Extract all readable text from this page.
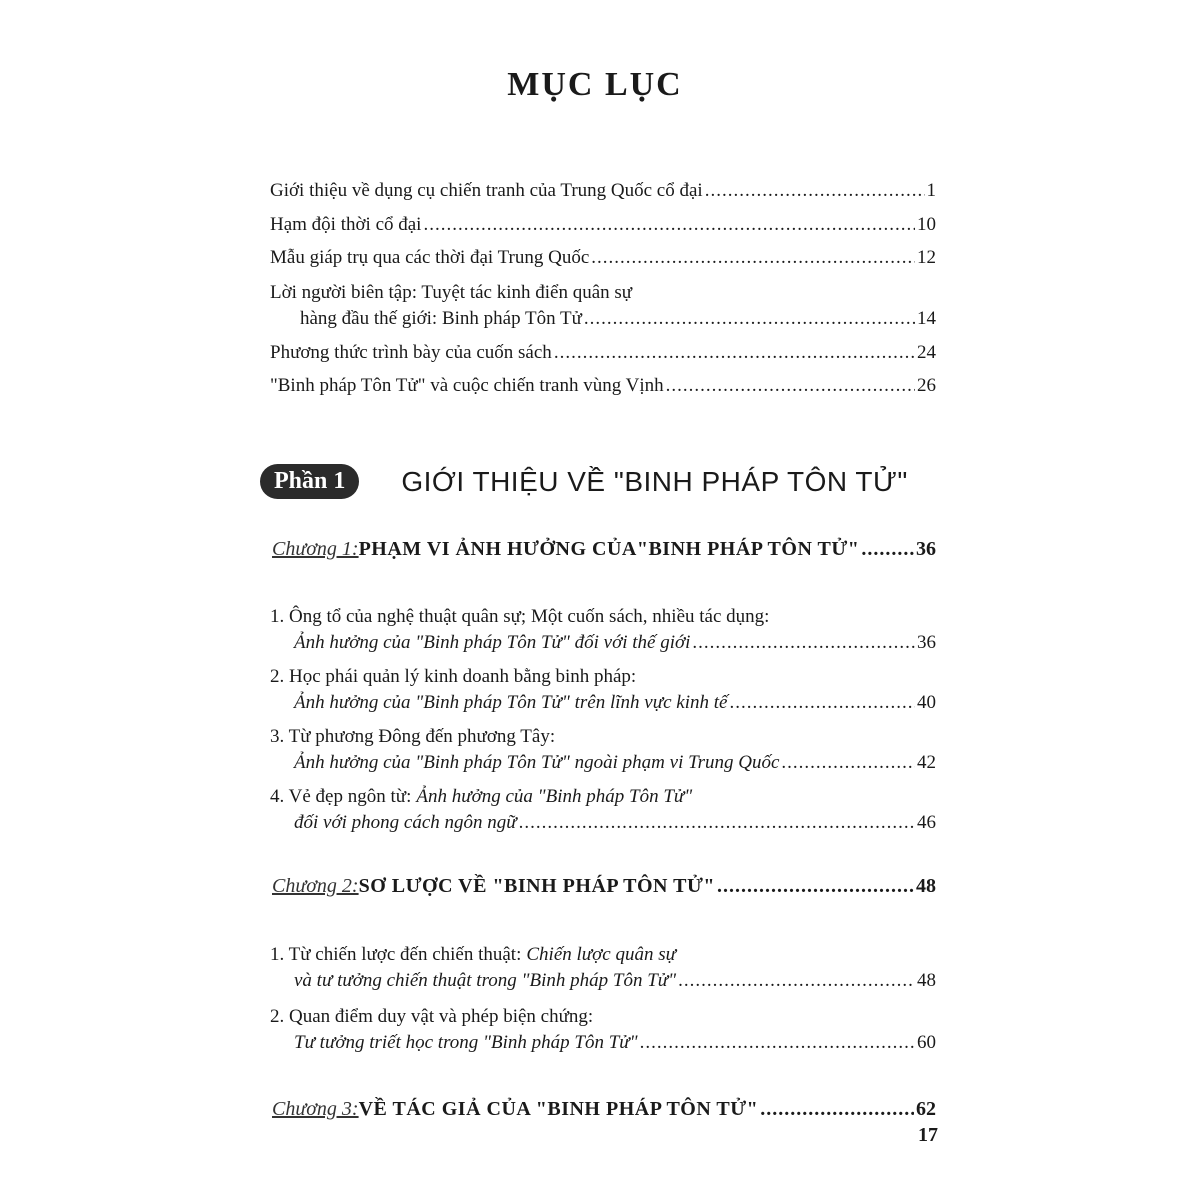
MỤC LỤC
Giới thiệu về dụng cụ chiến tranh của Trung Quốc cổ đại .....	1
Hạm đội thời cổ đại .....	10
Mẫu giáp trụ qua các thời đại Trung Quốc .....	12
Lời người biên tập: Tuyệt tác kinh điển quân sự
hàng đầu thế giới: Binh pháp Tôn Tử .....	14
Phương thức trình bày của cuốn sách .....	24
"Binh pháp Tôn Tử" và cuộc chiến tranh vùng Vịnh .....	26
Phần 1	GIỚI THIỆU VỀ "BINH PHÁP TÔN TỬ"
Chương 1: PHẠM VI ẢNH HƯỞNG CỦA"BINH PHÁP TÔN TỬ" .....	36
1. Ông tổ của nghệ thuật quân sự; Một cuốn sách, nhiều tác dụng:
Ảnh hưởng của "Binh pháp Tôn Tử" đối với thế giới .....	36
2. Học phái quản lý kinh doanh bằng binh pháp:
Ảnh hưởng của "Binh pháp Tôn Tử" trên lĩnh vực kinh tế .....	40
3. Từ phương Đông đến phương Tây:
Ảnh hưởng của "Binh pháp Tôn Tử" ngoài phạm vi Trung Quốc .....	42
4. Vẻ đẹp ngôn từ: Ảnh hưởng của "Binh pháp Tôn Tử"
đối với phong cách ngôn ngữ .....	46
Chương 2: SƠ LƯỢC VỀ "BINH PHÁP TÔN TỬ" .....	48
1. Từ chiến lược đến chiến thuật: Chiến lược quân sự
và tư tưởng chiến thuật trong "Binh pháp Tôn Tử" .....	48
2. Quan điểm duy vật và phép biện chứng:
Tư tưởng triết học trong "Binh pháp Tôn Tử" .....	60
Chương 3: VỀ TÁC GIẢ CỦA "BINH PHÁP TÔN TỬ" .....	62
17
